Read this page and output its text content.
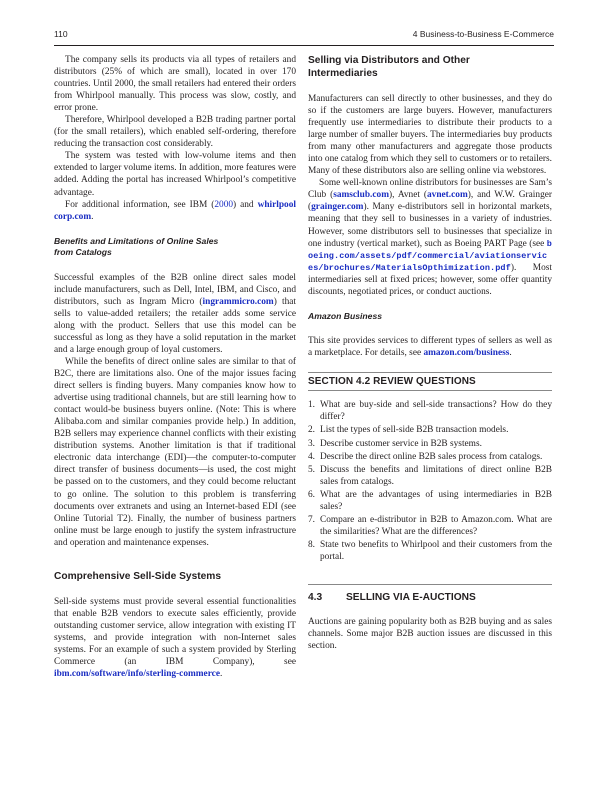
110	4 Business-to-Business E-Commerce

The company sells its products via all types of retailers and distributors (25% of which are small), located in over 170 countries. Until 2000, the small retailers had entered their orders from Whirlpool manually. This process was slow, costly, and error prone.

Therefore, Whirlpool developed a B2B trading partner portal (for the small retailers), which enabled self-ordering, therefore reducing the transaction cost considerably.

The system was tested with low-volume items and then extended to larger volume items. In addition, more features were added. Adding the portal has increased Whirlpool’s competitive advantage.

For additional information, see IBM (2000) and whirlpool corp.com.

Benefits and Limitations of Online Sales
from Catalogs

Successful examples of the B2B online direct sales model include manufacturers, such as Dell, Intel, IBM, and Cisco, and distributors, such as Ingram Micro (ingrammicro.com) that sells to value-added retailers; the retailer adds some service along with the product. Sellers that use this model can be successful as long as they have a solid reputation in the market and a large enough group of loyal customers.

While the benefits of direct online sales are similar to that of B2C, there are limitations also. One of the major issues facing direct sellers is finding buyers. Many companies know how to advertise using traditional channels, but are still learning how to contact would-be business buyers online. (Note: This is where Alibaba.com and similar companies provide help.) In addition, B2B sellers may experience channel conflicts with their existing distribution systems. Another limitation is that if traditional electronic data interchange (EDI)—the computer-to-computer direct transfer of business documents—is used, the cost might be passed on to the customers, and they could become reluctant to go online. The solution to this problem is transferring documents over extranets and using an Internet-based EDI (see Online Tutorial T2). Finally, the number of business partners online must be large enough to justify the system infrastructure and operation and maintenance expenses.

Comprehensive Sell-Side Systems

Sell-side systems must provide several essential functionalities that enable B2B vendors to execute sales efficiently, provide outstanding customer service, allow integration with existing IT systems, and provide integration with non-Internet sales systems. For an example of such a system provided by Sterling Commerce (an IBM Company), see ibm.com/software/info/sterling-commerce.

Selling via Distributors and Other
Intermediaries

Manufacturers can sell directly to other businesses, and they do so if the customers are large buyers. However, manufacturers frequently use intermediaries to distribute their products to a large number of smaller buyers. The intermediaries buy products from many other manufacturers and aggregate those products into one catalog from which they sell to customers or to retailers. Many of these distributors also are selling online via webstores.

Some well-known online distributors for businesses are Sam’s Club (samsclub.com), Avnet (avnet.com), and W.W. Grainger (grainger.com). Many e-distributors sell in horizontal markets, meaning that they sell to businesses in a variety of industries. However, some distributors sell to businesses that specialize in one industry (vertical market), such as Boeing PART Page (see boeing.com/assets/pdf/commercial/aviationservices/brochures/MaterialsOpthimization.pdf). Most intermediaries sell at fixed prices; however, some offer quantity discounts, negotiated prices, or conduct auctions.

Amazon Business

This site provides services to different types of sellers as well as a marketplace. For details, see amazon.com/business.

SECTION 4.2 REVIEW QUESTIONS
1. What are buy-side and sell-side transactions? How do they differ?
2. List the types of sell-side B2B transaction models.
3. Describe customer service in B2B systems.
4. Describe the direct online B2B sales process from catalogs.
5. Discuss the benefits and limitations of direct online B2B sales from catalogs.
6. What are the advantages of using intermediaries in B2B sales?
7. Compare an e-distributor in B2B to Amazon.com. What are the similarities? What are the differences?
8. State two benefits to Whirlpool and their customers from the portal.
4.3 SELLING VIA E-AUCTIONS

Auctions are gaining popularity both as B2B buying and as sales channels. Some major B2B auction issues are discussed in this section.
